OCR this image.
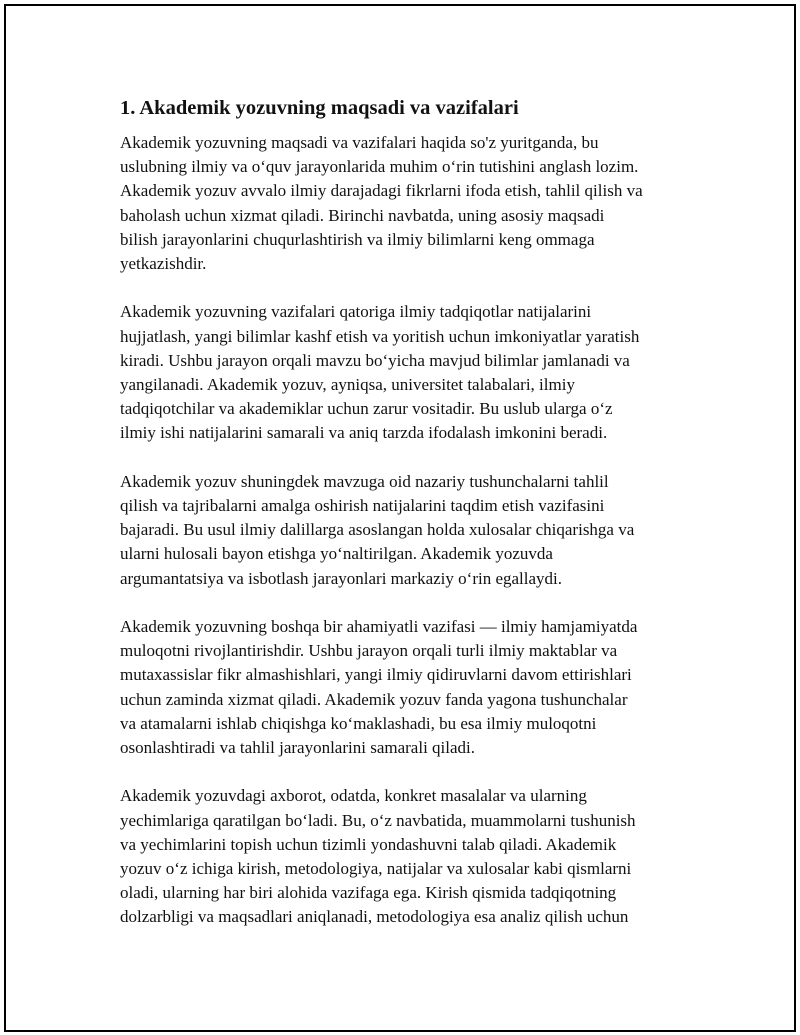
1. Akademik yozuvning maqsadi va vazifalari
Akademik yozuvning maqsadi va vazifalari haqida so'z yuritganda, bu
uslubning ilmiy va o‘quv jarayonlarida muhim o‘rin tutishini anglash lozim.
Akademik yozuv avvalo ilmiy darajadagi fikrlarni ifoda etish, tahlil qilish va
baholash uchun xizmat qiladi. Birinchi navbatda, uning asosiy maqsadi
bilish jarayonlarini chuqurlashtirish va ilmiy bilimlarni keng ommaga
yetkazishdir.
Akademik yozuvning vazifalari qatoriga ilmiy tadqiqotlar natijalarini
hujjatlash, yangi bilimlar kashf etish va yoritish uchun imkoniyatlar yaratish
kiradi. Ushbu jarayon orqali mavzu bo‘yicha mavjud bilimlar jamlanadi va
yangilanadi. Akademik yozuv, ayniqsa, universitet talabalari, ilmiy
tadqiqotchilar va akademiklar uchun zarur vositadir. Bu uslub ularga o‘z
ilmiy ishi natijalarini samarali va aniq tarzda ifodalash imkonini beradi.
Akademik yozuv shuningdek mavzuga oid nazariy tushunchalarni tahlil
qilish va tajribalarni amalga oshirish natijalarini taqdim etish vazifasini
bajaradi. Bu usul ilmiy dalillarga asoslangan holda xulosalar chiqarishga va
ularni hulosali bayon etishga yo‘naltirilgan. Akademik yozuvda
argumantatsiya va isbotlash jarayonlari markaziy o‘rin egallaydi.
Akademik yozuvning boshqa bir ahamiyatli vazifasi — ilmiy hamjamiyatda
muloqotni rivojlantirishdir. Ushbu jarayon orqali turli ilmiy maktablar va
mutaxassislar fikr almashishlari, yangi ilmiy qidiruvlarni davom ettirishlari
uchun zaminda xizmat qiladi. Akademik yozuv fanda yagona tushunchalar
va atamalarni ishlab chiqishga ko‘maklashadi, bu esa ilmiy muloqotni
osonlashtiradi va tahlil jarayonlarini samarali qiladi.
Akademik yozuvdagi axborot, odatda, konkret masalalar va ularning
yechimlariga qaratilgan bo‘ladi. Bu, o‘z navbatida, muammolarni tushunish
va yechimlarini topish uchun tizimli yondashuvni talab qiladi. Akademik
yozuv o‘z ichiga kirish, metodologiya, natijalar va xulosalar kabi qismlarni
oladi, ularning har biri alohida vazifaga ega. Kirish qismida tadqiqotning
dolzarbligi va maqsadlari aniqlanadi, metodologiya esa analiz qilish uchun
